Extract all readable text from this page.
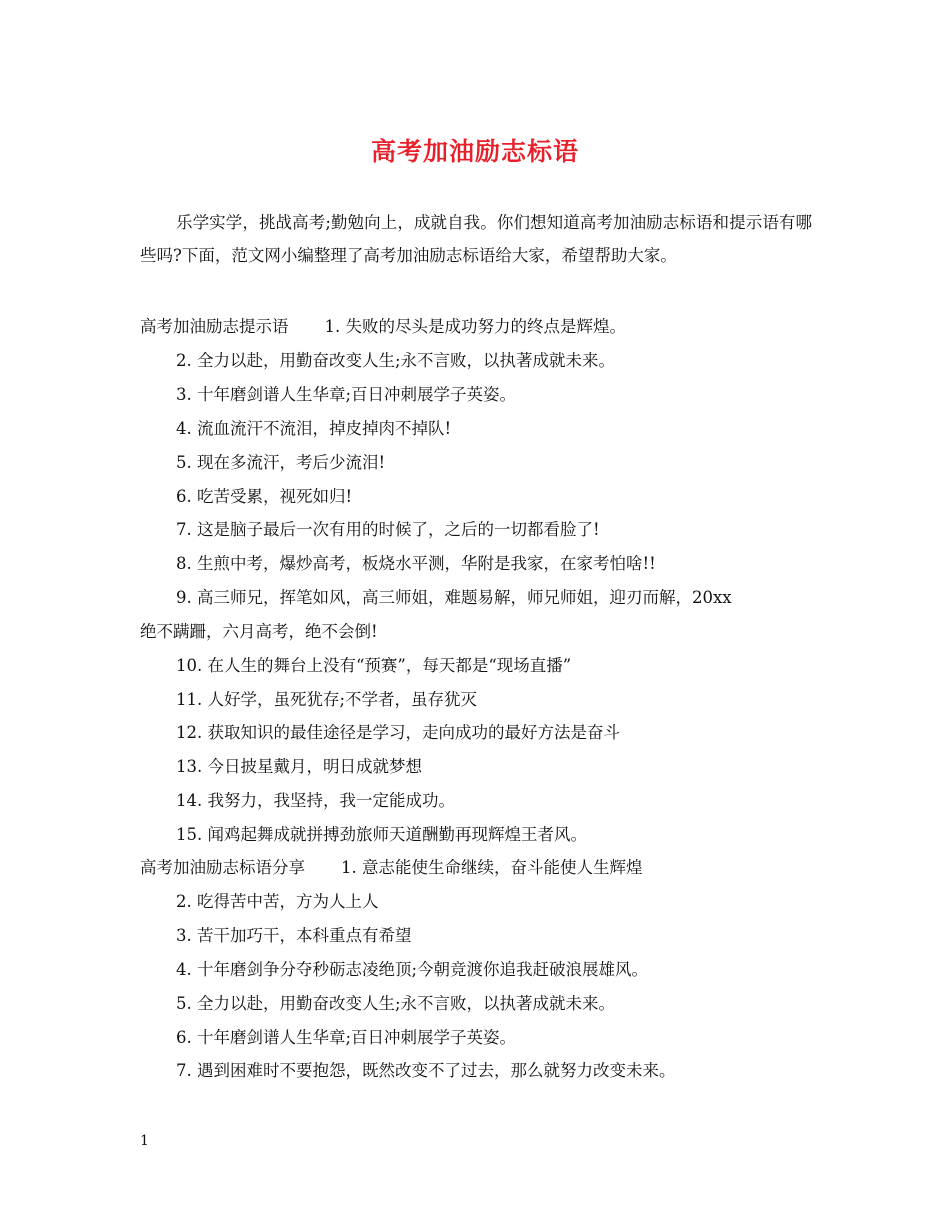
高考加油励志标语
乐学实学，挑战高考;勤勉向上，成就自我。你们想知道高考加油励志标语和提示语有哪些吗?下面，范文网小编整理了高考加油励志标语给大家，希望帮助大家。
高考加油励志提示语 1. 失败的尽头是成功努力的终点是辉煌。
2. 全力以赴，用勤奋改变人生;永不言败，以执著成就未来。
3. 十年磨剑谱人生华章;百日冲刺展学子英姿。
4. 流血流汗不流泪，掉皮掉肉不掉队!
5. 现在多流汗，考后少流泪!
6. 吃苦受累，视死如归!
7. 这是脑子最后一次有用的时候了，之后的一切都看脸了!
8. 生煎中考，爆炒高考，板烧水平测，华附是我家，在家考怕啥!!
9. 高三师兄，挥笔如风，高三师姐，难题易解，师兄师姐，迎刃而解，20xx
绝不蹒跚，六月高考，绝不会倒!
10. 在人生的舞台上没有“预赛”，每天都是“现场直播”
11. 人好学，虽死犹存;不学者，虽存犹灭
12. 获取知识的最佳途径是学习，走向成功的最好方法是奋斗
13. 今日披星戴月，明日成就梦想
14. 我努力，我坚持，我一定能成功。
15. 闻鸡起舞成就拼搏劲旅师天道酬勤再现辉煌王者风。
高考加油励志标语分享 1. 意志能使生命继续，奋斗能使人生辉煌
2. 吃得苦中苦，方为人上人
3. 苦干加巧干，本科重点有希望
4. 十年磨剑争分夺秒砺志凌绝顶;今朝竞渡你追我赶破浪展雄风。
5. 全力以赴，用勤奋改变人生;永不言败，以执著成就未来。
6. 十年磨剑谱人生华章;百日冲刺展学子英姿。
7. 遇到困难时不要抱怨，既然改变不了过去，那么就努力改变未来。
1
